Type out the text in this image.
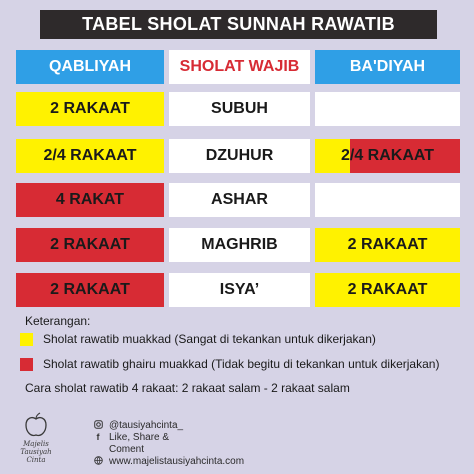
TABEL SHOLAT SUNNAH RAWATIB
QABLIYAH	SHOLAT WAJIB	BA'DIYAH
2 RAKAAT	SUBUH
2/4 RAKAAT	DZUHUR	2/4 RAKAAT
4 RAKAT	ASHAR
2 RAKAAT	MAGHRIB	2 RAKAAT
2 RAKAAT	ISYA’	2 RAKAAT
Keterangan:
Sholat rawatib muakkad (Sangat di tekankan untuk dikerjakan)
Sholat rawatib ghairu muakkad (Tidak begitu di tekankan untuk dikerjakan)
Cara sholat rawatib 4 rakaat: 2 rakaat salam - 2 rakaat salam
Majelis
Tausiyah
Cinta
@tausiyahcinta_
f Like, Share &
Coment
www.majelistausiyahcinta.com
